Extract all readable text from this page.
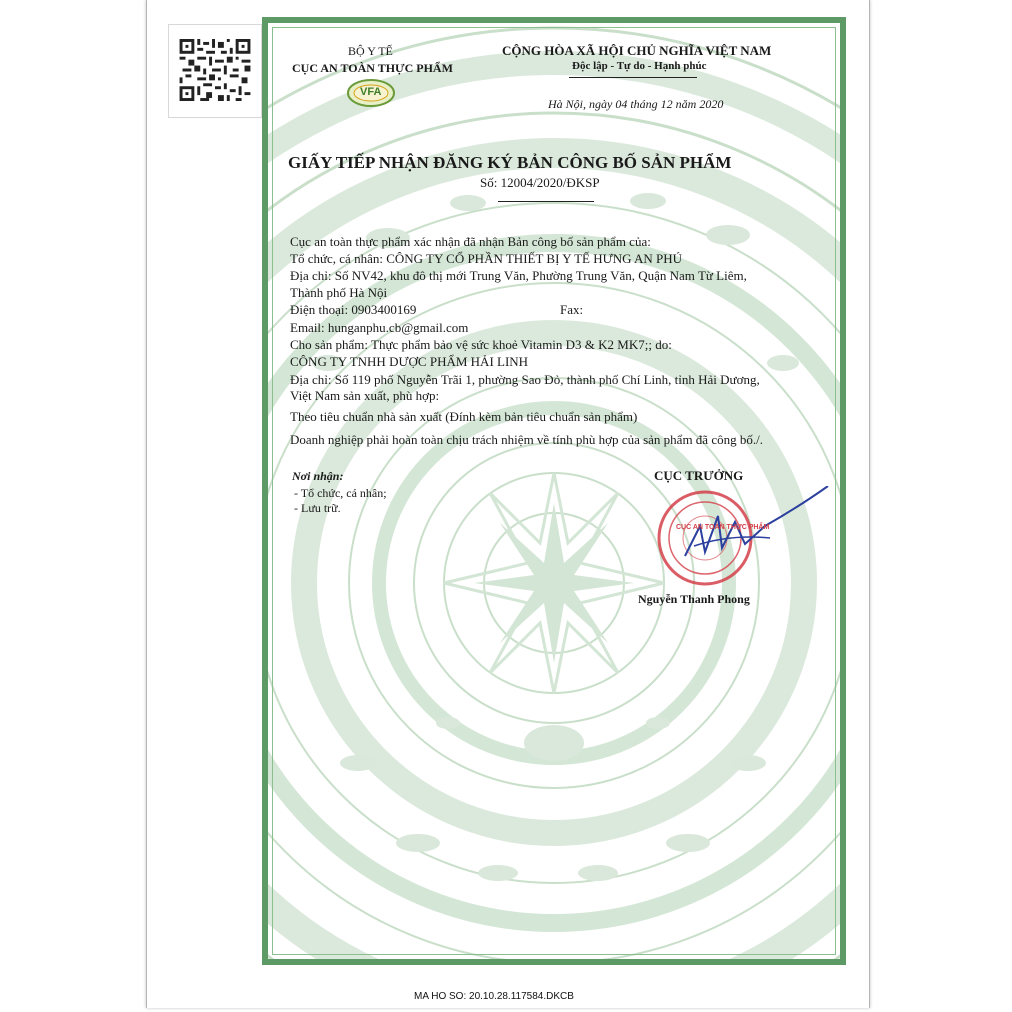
BỘ Y TẾ
CỤC AN TOÀN THỰC PHẨM
VFA
CỘNG HÒA XÃ HỘI CHỦ NGHĨA VIỆT NAM
Độc lập - Tự do - Hạnh phúc
Hà Nội, ngày 04 tháng 12 năm 2020
GIẤY TIẾP NHẬN ĐĂNG KÝ BẢN CÔNG BỐ SẢN PHẨM
Số: 12004/2020/ĐKSP
Cục an toàn thực phẩm xác nhận đã nhận Bản công bố sản phẩm của:
Tổ chức, cá nhân: CÔNG TY CỔ PHẦN THIẾT BỊ Y TẾ HƯNG AN PHÚ
Địa chỉ: Số NV42, khu đô thị mới Trung Văn, Phường Trung Văn, Quận Nam Từ Liêm,
Thành phố Hà Nội
Điện thoại: 0903400169	Fax:
Email: hunganphu.cb@gmail.com
Cho sản phẩm: Thực phẩm bảo vệ sức khoẻ Vitamin D3 & K2 MK7;; do:
CÔNG TY TNHH DƯỢC PHẨM HẢI LINH
Địa chỉ: Số 119 phố Nguyễn Trãi 1, phường Sao Đỏ, thành phố Chí Linh, tỉnh Hải Dương,
Việt Nam sản xuất, phù hợp:
Theo tiêu chuẩn nhà sản xuất (Đính kèm bản tiêu chuẩn sản phẩm)
Doanh nghiệp phải hoàn toàn chịu trách nhiệm về tính phù hợp của sản phẩm đã công bố./.
Nơi nhận:
- Tổ chức, cá nhân;
- Lưu trữ.
CỤC TRƯỞNG
CỤC AN TOÀN THỰC PHẨM
Nguyễn Thanh Phong
MA HO SO: 20.10.28.117584.DKCB
